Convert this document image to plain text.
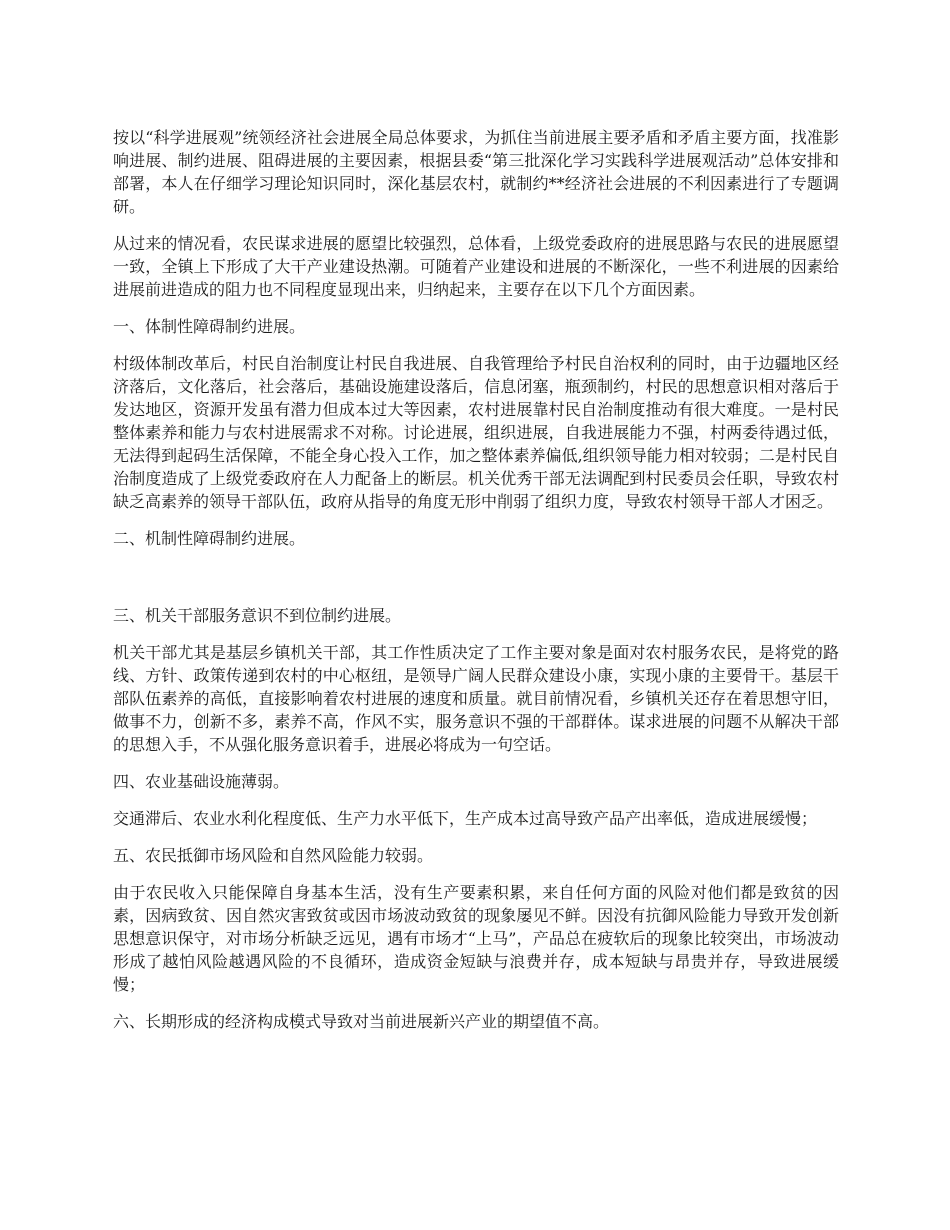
按以“科学进展观”统领经济社会进展全局总体要求，为抓住当前进展主要矛盾和矛盾主要方面，找准影响进展、制约进展、阻碍进展的主要因素，根据县委“第三批深化学习实践科学进展观活动”总体安排和部署，本人在仔细学习理论知识同时，深化基层农村，就制约**经济社会进展的不利因素进行了专题调研。

从过来的情况看，农民谋求进展的愿望比较强烈，总体看，上级党委政府的进展思路与农民的进展愿望一致，全镇上下形成了大干产业建设热潮。可随着产业建设和进展的不断深化，一些不利进展的因素给进展前进造成的阻力也不同程度显现出来，归纳起来，主要存在以下几个方面因素。

一、体制性障碍制约进展。

村级体制改革后，村民自治制度让村民自我进展、自我管理给予村民自治权利的同时，由于边疆地区经济落后，文化落后，社会落后，基础设施建设落后，信息闭塞，瓶颈制约，村民的思想意识相对落后于发达地区，资源开发虽有潜力但成本过大等因素，农村进展靠村民自治制度推动有很大难度。一是村民整体素养和能力与农村进展需求不对称。讨论进展，组织进展，自我进展能力不强，村两委待遇过低，无法得到起码生活保障，不能全身心投入工作，加之整体素养偏低,组织领导能力相对较弱；二是村民自治制度造成了上级党委政府在人力配备上的断层。机关优秀干部无法调配到村民委员会任职，导致农村缺乏高素养的领导干部队伍，政府从指导的角度无形中削弱了组织力度，导致农村领导干部人才困乏。

二、机制性障碍制约进展。

三、机关干部服务意识不到位制约进展。

机关干部尤其是基层乡镇机关干部，其工作性质决定了工作主要对象是面对农村服务农民，是将党的路线、方针、政策传递到农村的中心枢纽，是领导广阔人民群众建设小康，实现小康的主要骨干。基层干部队伍素养的高低，直接影响着农村进展的速度和质量。就目前情况看，乡镇机关还存在着思想守旧，做事不力，创新不多，素养不高，作风不实，服务意识不强的干部群体。谋求进展的问题不从解决干部的思想入手，不从强化服务意识着手，进展必将成为一句空话。

四、农业基础设施薄弱。

交通滞后、农业水利化程度低、生产力水平低下，生产成本过高导致产品产出率低，造成进展缓慢；

五、农民抵御市场风险和自然风险能力较弱。

由于农民收入只能保障自身基本生活，没有生产要素积累，来自任何方面的风险对他们都是致贫的因素，因病致贫、因自然灾害致贫或因市场波动致贫的现象屡见不鲜。因没有抗御风险能力导致开发创新思想意识保守，对市场分析缺乏远见，遇有市场才“上马”，产品总在疲软后的现象比较突出，市场波动形成了越怕风险越遇风险的不良循环，造成资金短缺与浪费并存，成本短缺与昂贵并存，导致进展缓慢；

六、长期形成的经济构成模式导致对当前进展新兴产业的期望值不高。
